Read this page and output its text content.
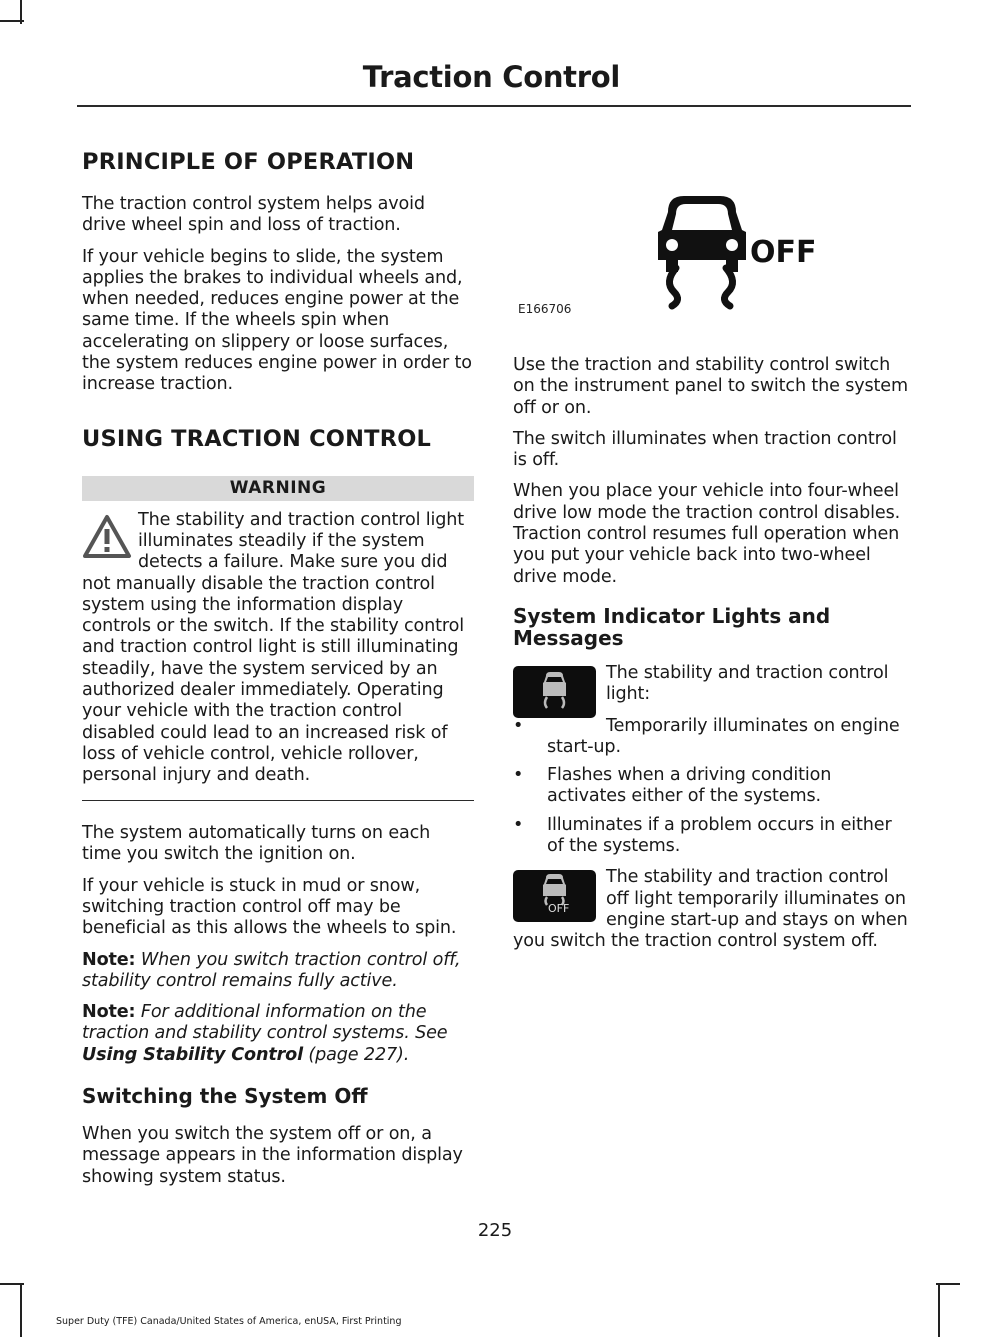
Traction Control
PRINCIPLE OF OPERATION

The traction control system helps avoid drive wheel spin and loss of traction.

If your vehicle begins to slide, the system applies the brakes to individual wheels and, when needed, reduces engine power at the same time. If the wheels spin when accelerating on slippery or loose surfaces, the system reduces engine power in order to increase traction.

USING TRACTION CONTROL
WARNING
The stability and traction control light illuminates steadily if the system detects a failure. Make sure you did not manually disable the traction control system using the information display controls or the switch. If the stability control and traction control light is still illuminating steadily, have the system serviced by an authorized dealer immediately. Operating your vehicle with the traction control disabled could lead to an increased risk of loss of vehicle control, vehicle rollover, personal injury and death.

The system automatically turns on each time you switch the ignition on.

If your vehicle is stuck in mud or snow, switching traction control off may be beneficial as this allows the wheels to spin.

Note: When you switch traction control off, stability control remains fully active.

Note: For additional information on the traction and stability control systems. See Using Stability Control (page 227).

Switching the System Off

When you switch the system off or on, a message appears in the information display showing system status.

OFF
E166706

Use the traction and stability control switch on the instrument panel to switch the system off or on.

The switch illuminates when traction control is off.

When you place your vehicle into four-wheel drive low mode the traction control disables. Traction control resumes full operation when you put your vehicle back into two-wheel drive mode.

System Indicator Lights and Messages

The stability and traction control light:

•	Temporarily illuminates on engine start-up.
• Flashes when a driving condition activates either of the systems.
• Illuminates if a problem occurs in either of the systems.
OFF

The stability and traction control off light temporarily illuminates on engine start-up and stays on when you switch the traction control system off.

225
Super Duty (TFE) Canada/United States of America, enUSA, First Printing
